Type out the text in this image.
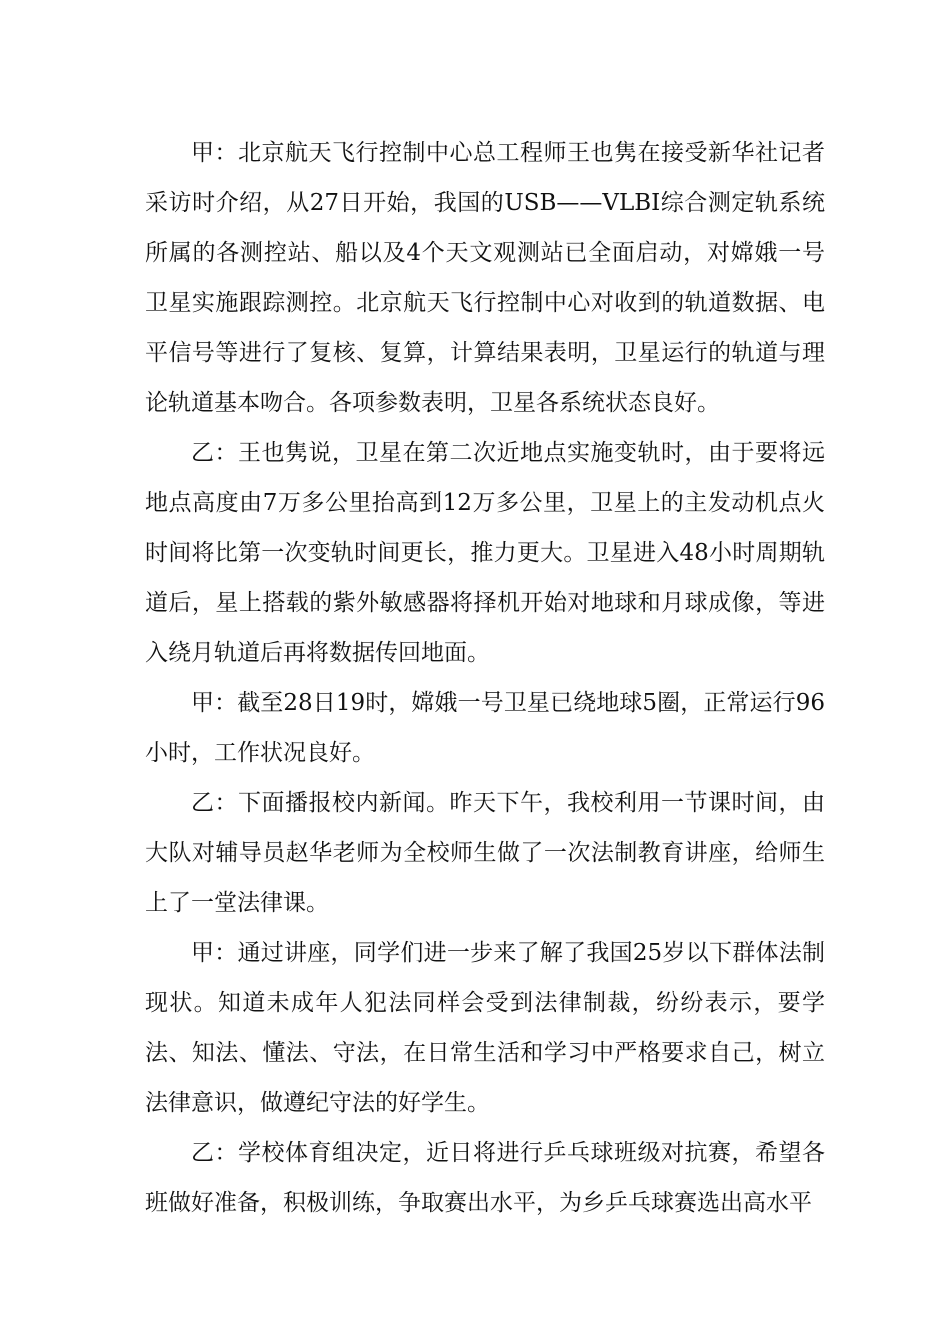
甲：北京航天飞行控制中心总工程师王也隽在接受新华社记者采访时介绍，从27日开始，我国的USB——VLBI综合测定轨系统所属的各测控站、船以及4个天文观测站已全面启动，对嫦娥一号卫星实施跟踪测控。北京航天飞行控制中心对收到的轨道数据、电平信号等进行了复核、复算，计算结果表明，卫星运行的轨道与理论轨道基本吻合。各项参数表明，卫星各系统状态良好。

乙：王也隽说，卫星在第二次近地点实施变轨时，由于要将远地点高度由7万多公里抬高到12万多公里，卫星上的主发动机点火时间将比第一次变轨时间更长，推力更大。卫星进入48小时周期轨道后，星上搭载的紫外敏感器将择机开始对地球和月球成像，等进入绕月轨道后再将数据传回地面。

甲：截至28日19时，嫦娥一号卫星已绕地球5圈，正常运行96小时，工作状况良好。

乙：下面播报校内新闻。昨天下午，我校利用一节课时间，由大队对辅导员赵华老师为全校师生做了一次法制教育讲座，给师生上了一堂法律课。

甲：通过讲座，同学们进一步来了解了我国25岁以下群体法制现状。知道未成年人犯法同样会受到法律制裁，纷纷表示，要学法、知法、懂法、守法，在日常生活和学习中严格要求自己，树立法律意识，做遵纪守法的好学生。

乙：学校体育组决定，近日将进行乒乓球班级对抗赛，希望各班做好准备，积极训练，争取赛出水平，为乡乒乓球赛选出高水平
